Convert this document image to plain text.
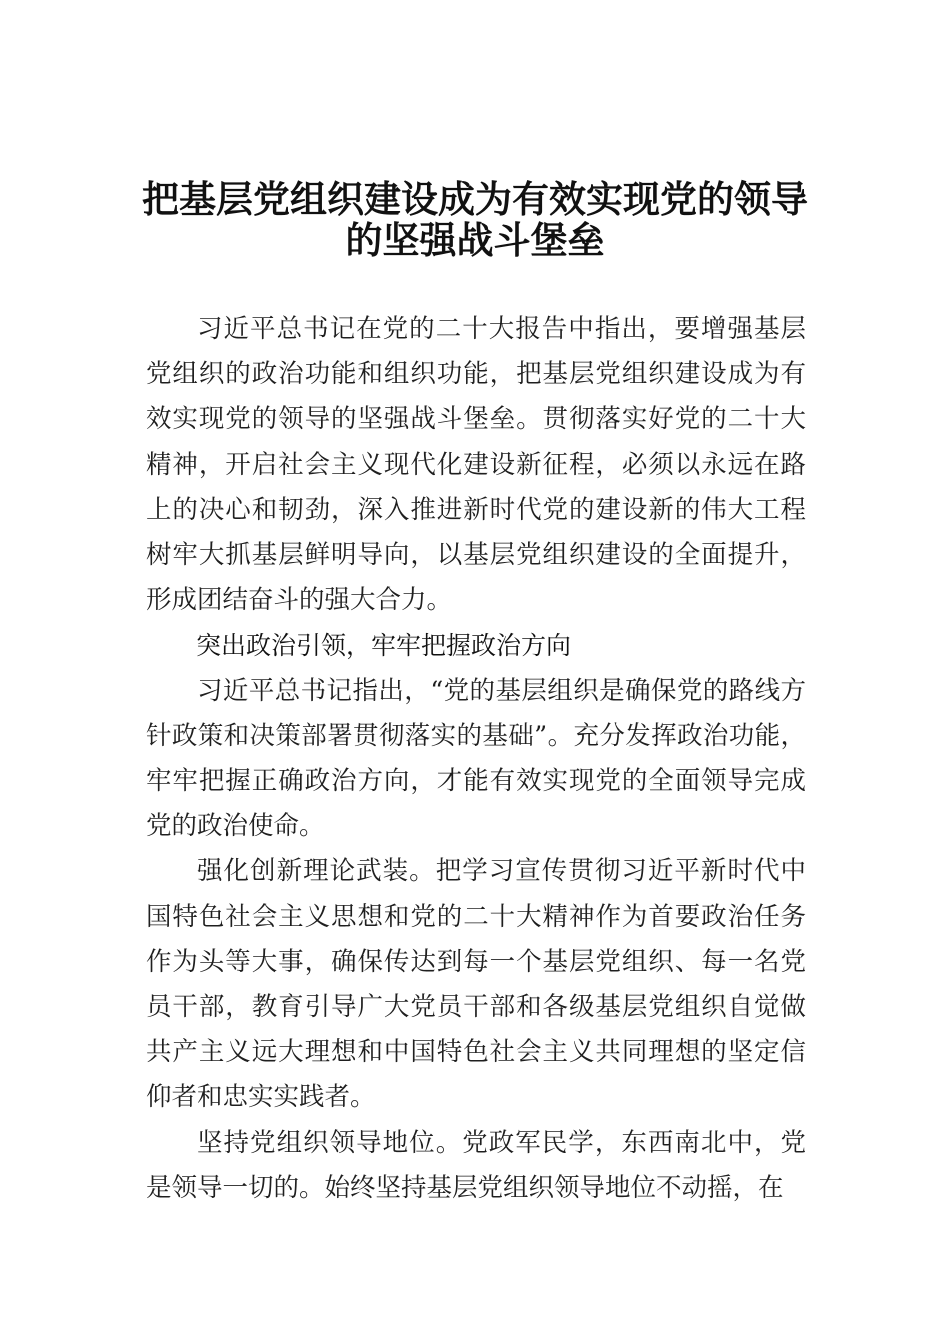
把基层党组织建设成为有效实现党的领导
的坚强战斗堡垒

习近平总书记在党的二十大报告中指出，要增强基层党组织的政治功能和组织功能，把基层党组织建设成为有效实现党的领导的坚强战斗堡垒。贯彻落实好党的二十大精神，开启社会主义现代化建设新征程，必须以永远在路上的决心和韧劲，深入推进新时代党的建设新的伟大工程树牢大抓基层鲜明导向，以基层党组织建设的全面提升，形成团结奋斗的强大合力。

突出政治引领，牢牢把握政治方向

习近平总书记指出，“党的基层组织是确保党的路线方针政策和决策部署贯彻落实的基础”。充分发挥政治功能，牢牢把握正确政治方向，才能有效实现党的全面领导完成党的政治使命。

强化创新理论武装。把学习宣传贯彻习近平新时代中国特色社会主义思想和党的二十大精神作为首要政治任务作为头等大事，确保传达到每一个基层党组织、每一名党员干部，教育引导广大党员干部和各级基层党组织自觉做共产主义远大理想和中国特色社会主义共同理想的坚定信仰者和忠实实践者。

坚持党组织领导地位。党政军民学，东西南北中，党是领导一切的。始终坚持基层党组织领导地位不动摇，在
